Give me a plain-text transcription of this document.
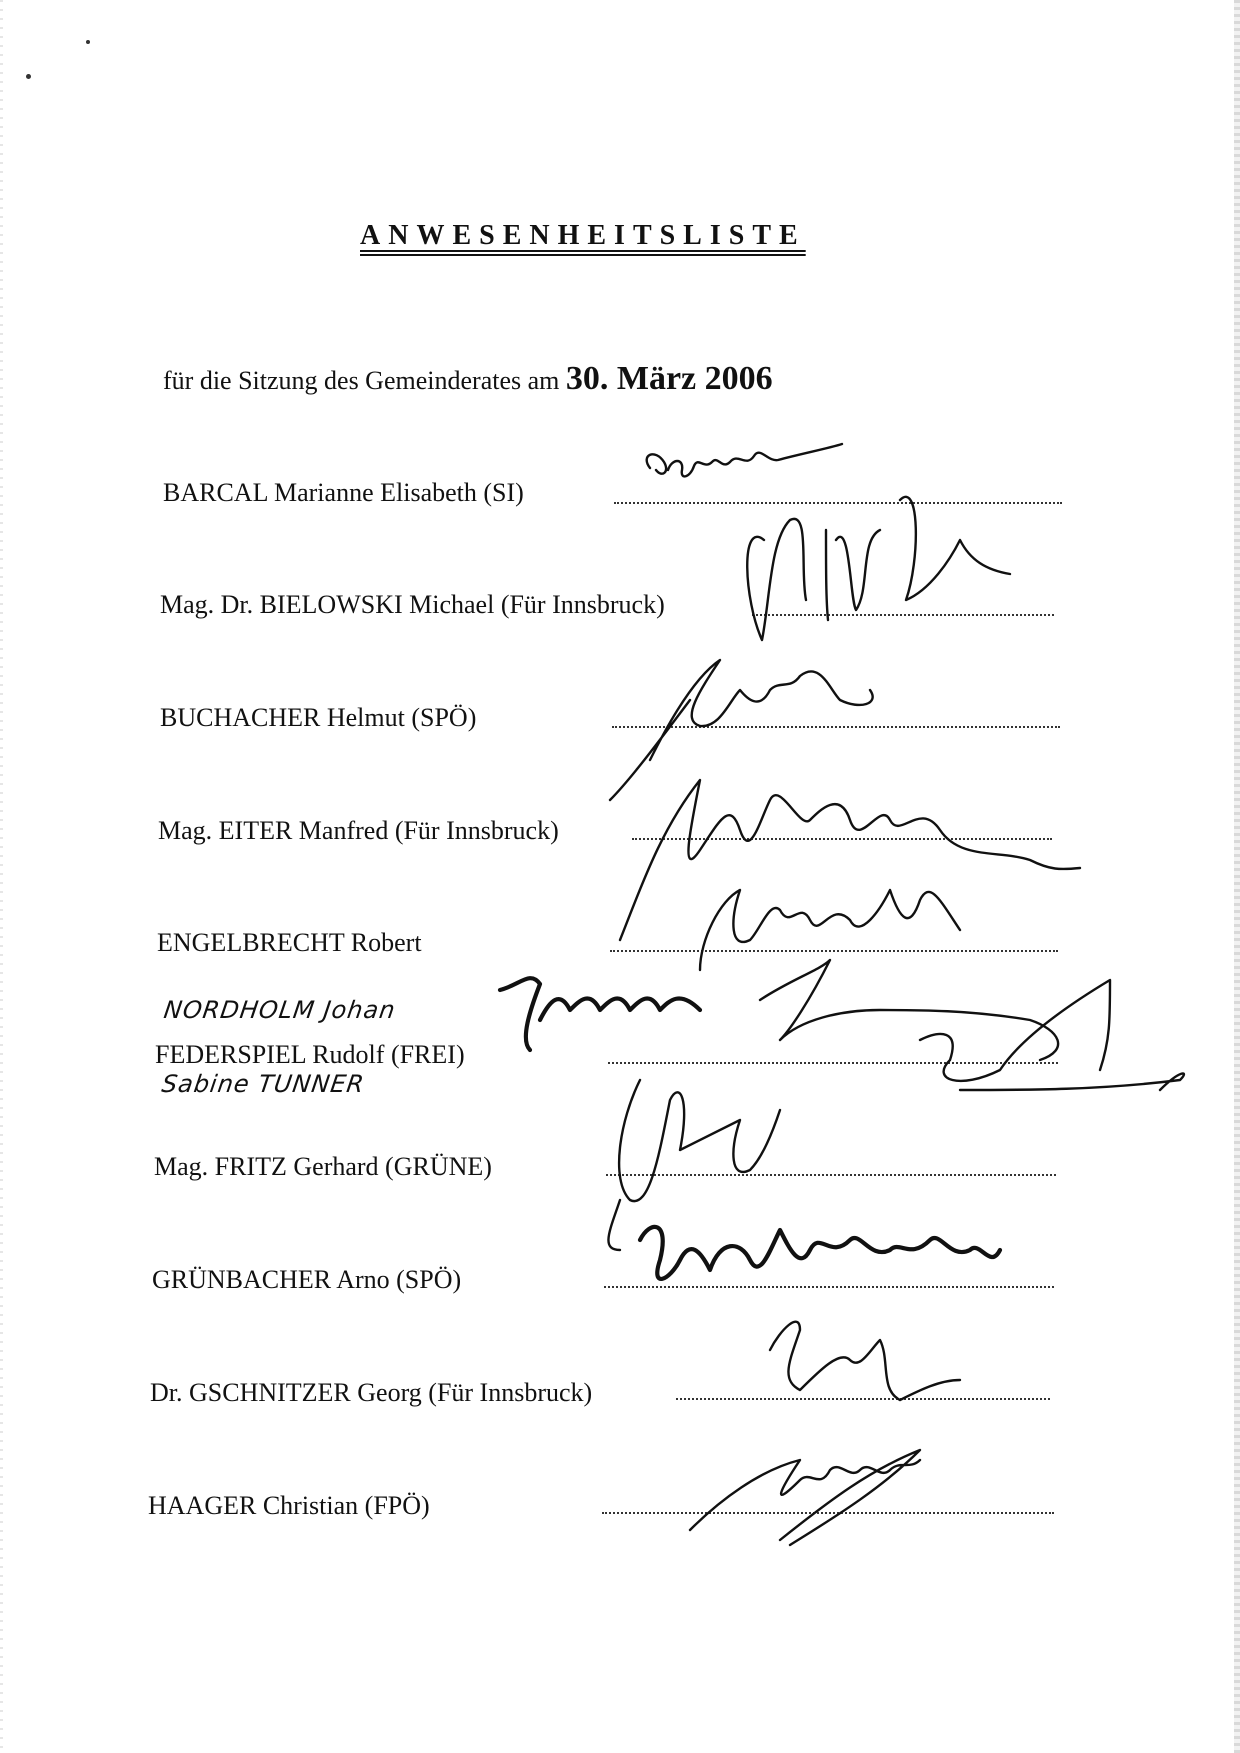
ANWESENHEITSLISTE
für die Sitzung des Gemeinderates am 30. März 2006
BARCAL Marianne Elisabeth (SI)
Mag. Dr. BIELOWSKI Michael (Für Innsbruck)
BUCHACHER Helmut (SPÖ)
Mag. EITER Manfred (Für Innsbruck)
ENGELBRECHT Robert
NORDHOLM Johan
FEDERSPIEL Rudolf (FREI)
Sabine TUNNER
Mag. FRITZ Gerhard (GRÜNE)
GRÜNBACHER Arno (SPÖ)
Dr. GSCHNITZER Georg (Für Innsbruck)
HAAGER Christian (FPÖ)
